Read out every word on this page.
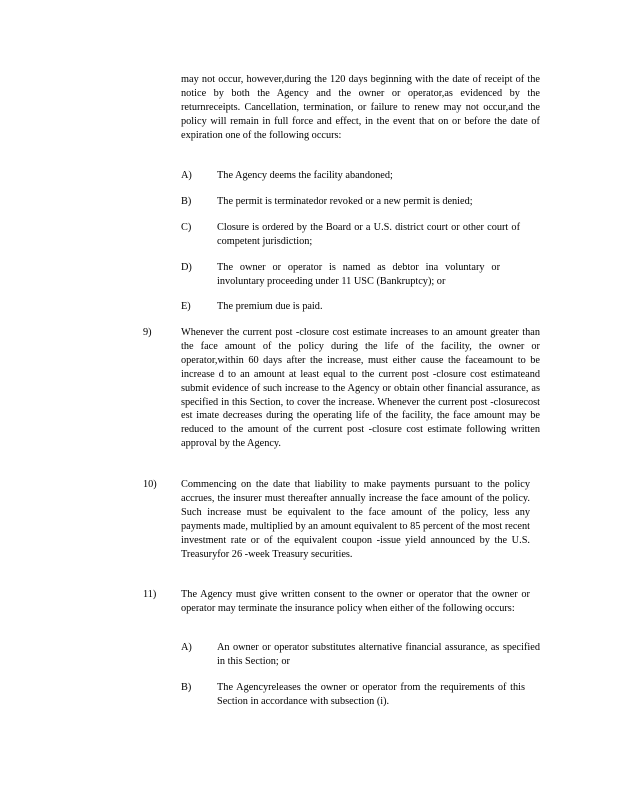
may not occur, however,during the 120 days beginning with the date of receipt of the notice by both the Agency and the owner or operator,as evidenced by the returnreceipts. Cancellation, termination, or failure to renew may not occur,and the policy will remain in full force and effect, in the event that on or before the date of expiration one of the following occurs:
A) The Agency deems the facility abandoned;
B) The permit is terminatedor revoked or a new permit is denied;
C) Closure is ordered by the Board or a U.S. district court or other court of competent jurisdiction;
D) The owner or operator is named as debtor ina voluntary or involuntary proceeding under 11 USC (Bankruptcy); or
E)	The premium due is paid.
9)	Whenever the current post -closure cost estimate increases to an amount greater than the face amount of the policy during the life of the facility, the owner or operator,within 60 days after the increase, must either cause the faceamount to be increase d to an amount at least equal to the current post -closure cost estimateand submit evidence of such increase to the Agency or obtain other financial assurance, as specified in this Section, to cover the increase. Whenever the current post -closurecost est imate decreases during the operating life of the facility, the face amount may be reduced to the amount of the current post -closure cost estimate following written approval by the Agency.
10) Commencing on the date that liability to make payments pursuant to the policy accrues, the insurer must thereafter annually increase the face amount of the policy. Such increase must be equivalent to the face amount of the policy, less any payments made, multiplied by an amount equivalent to 85 percent of the most recent investment rate or of the equivalent coupon -issue yield announced by the U.S. Treasuryfor 26 -week Treasury securities.
11) The Agency must give written consent to the owner or operator that the owner or operator may terminate the insurance policy when either of the following occurs:
A) An owner or operator substitutes alternative financial assurance, as specified in this Section; or
B) The Agencyreleases the owner or operator from the requirements of this Section in accordance with subsection (i).
